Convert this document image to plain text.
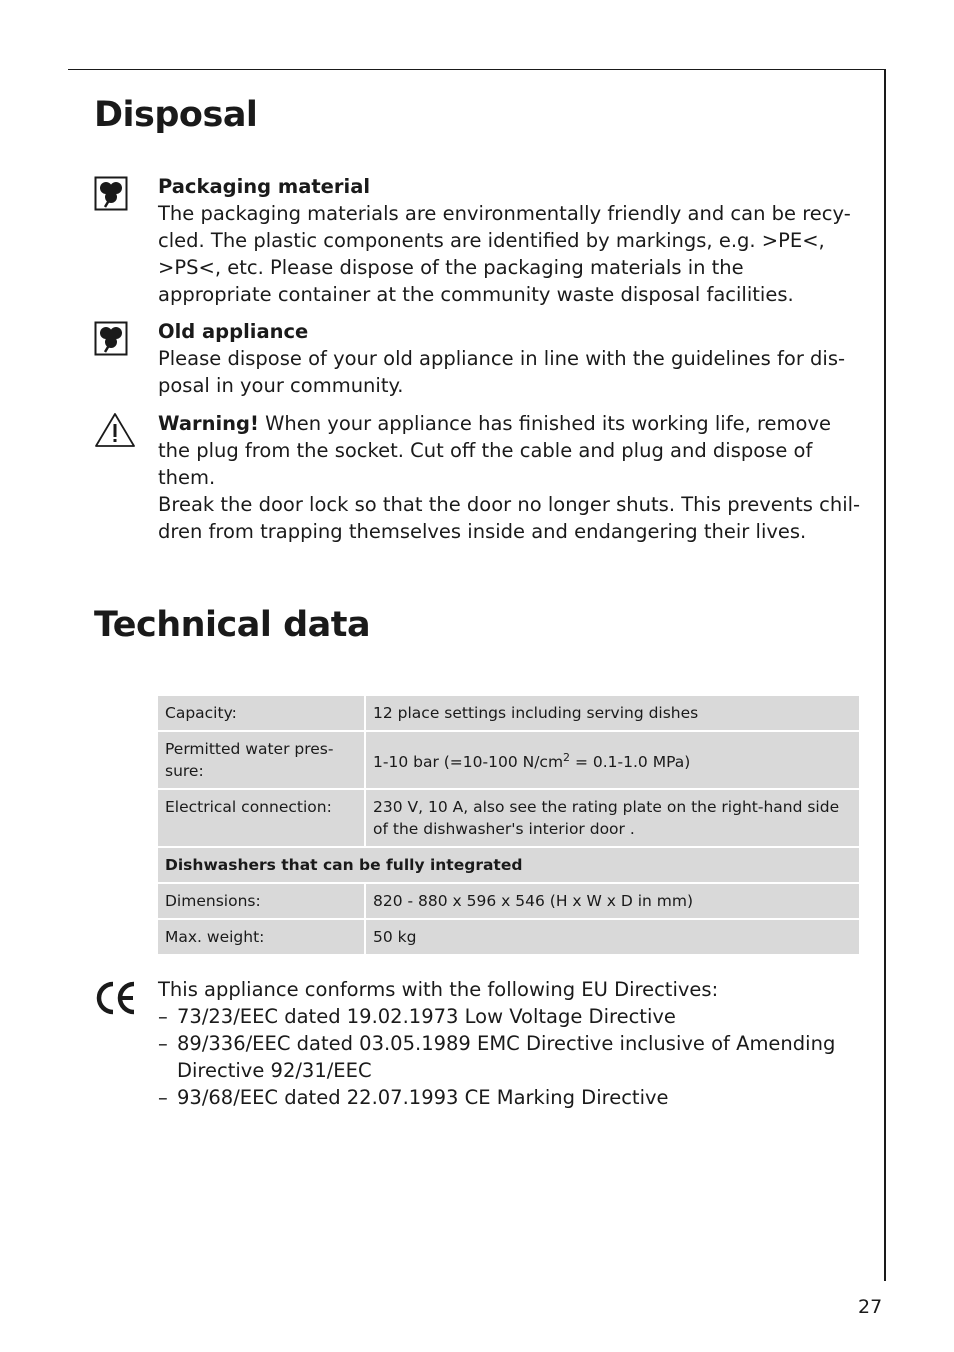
Disposal

Packaging material

The packaging materials are environmentally friendly and can be recy-cled. The plastic components are identified by markings, e.g. >PE<, >PS<, etc. Please dispose of the packaging materials in the appropriate container at the community waste disposal facilities.

Old appliance

Please dispose of your old appliance in line with the guidelines for dis-posal in your community.

Warning! When your appliance has finished its working life, remove the plug from the socket. Cut off the cable and plug and dispose of them.

Break the door lock so that the door no longer shuts. This prevents chil-dren from trapping themselves inside and endangering their lives.

Technical data
Capacity:	12 place settings including serving dishes
Permitted water pres-sure:	1-10 bar (=10-100 $N/cm^2 = 0.1-1.0$ MPa)
Electrical connection:	230 V, 10 A, also see the rating plate on the right-hand side of the dishwasher's interior door .
Dishwashers that can be fully integrated	
Dimensions:	820 - 880 x 596 x 546 (H x W x D in mm)
Max. weight:	50 kg

This appliance conforms with the following EU Directives:

– 73/23/EEC dated 19.02.1973 Low Voltage Directive
– 89/336/EEC dated 03.05.1989 EMC Directive inclusive of Amending Directive 92/31/EEC
– 93/68/EEC dated 22.07.1993 CE Marking Directive
27
